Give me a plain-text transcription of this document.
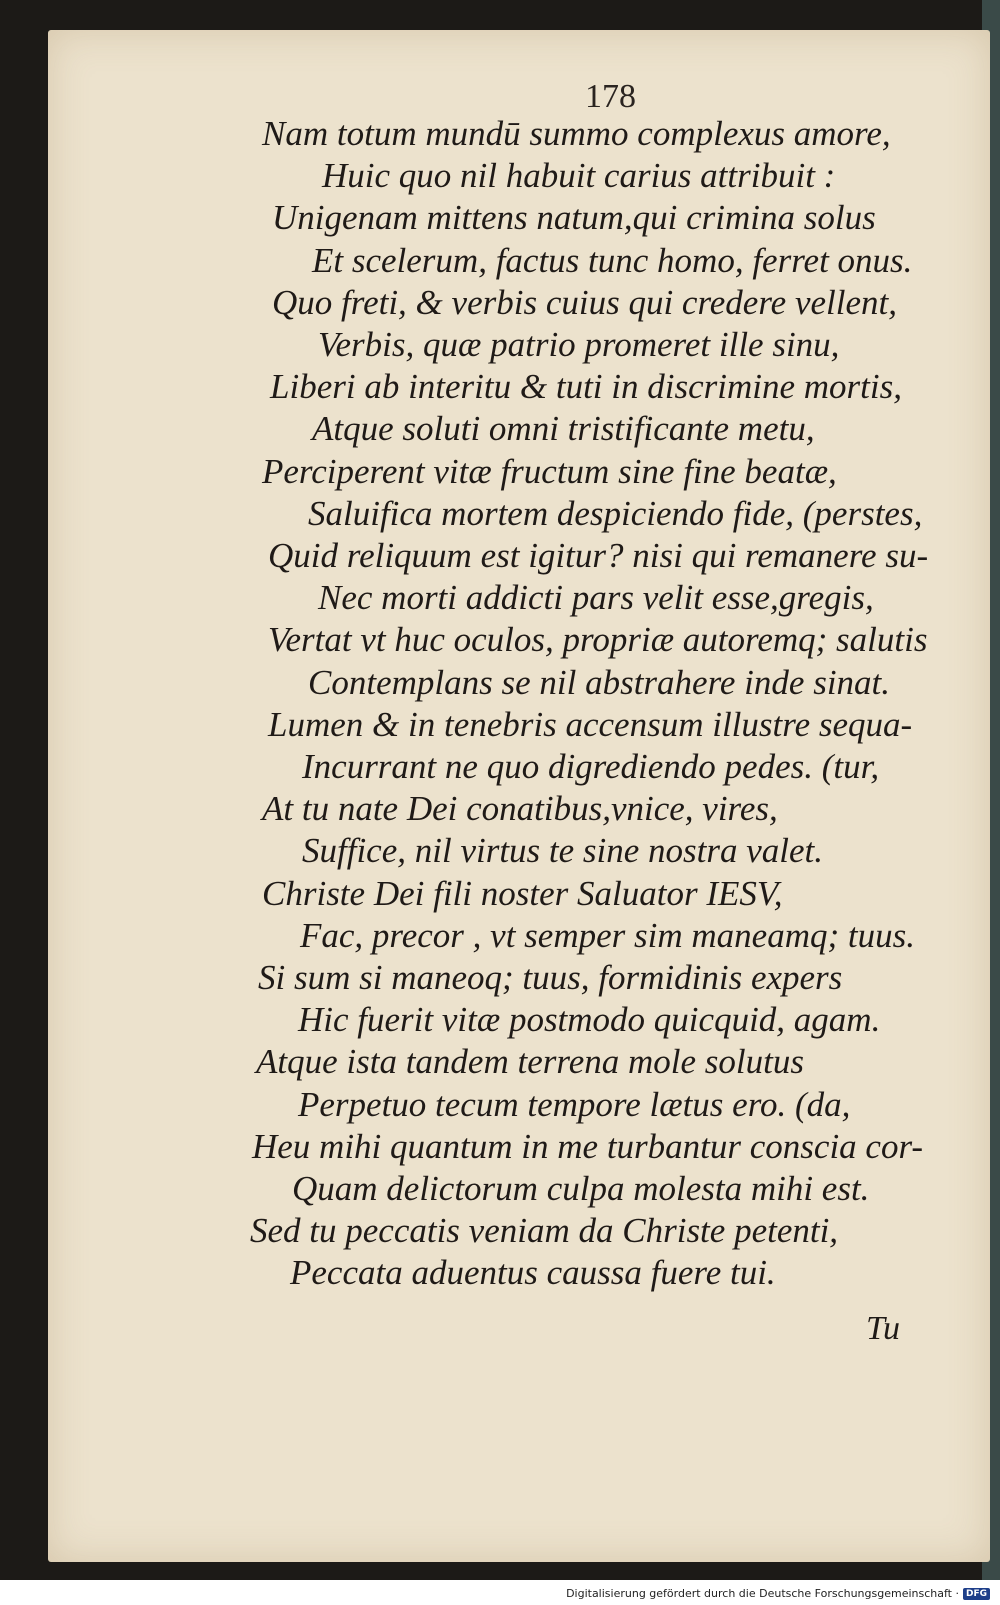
178
Nam totum mundū summo complexus amore,
Huic quo nil habuit carius attribuit :
Unigenam mittens natum,qui crimina solus
Et scelerum, factus tunc homo, ferret onus.
Quo freti, & verbis cuius qui credere vellent,
Verbis, quæ patrio promeret ille sinu,
Liberi ab interitu & tuti in discrimine mortis,
Atque soluti omni tristificante metu,
Perciperent vitæ fructum sine fine beatæ,
Saluifica mortem despiciendo fide, (perstes,
Quid reliquum est igitur? nisi qui remanere su-
Nec morti addicti pars velit esse,gregis,
Vertat vt huc oculos, propriæ autoremq; salutis
Contemplans se nil abstrahere inde sinat.
Lumen & in tenebris accensum illustre sequa-
Incurrant ne quo digrediendo pedes. (tur,
At tu nate Dei conatibus,vnice, vires,
Suffice, nil virtus te sine nostra valet.
Christe Dei fili noster Saluator IESV,
Fac, precor , vt semper sim maneamq; tuus.
Si sum si maneoq; tuus, formidinis expers
Hic fuerit vitæ postmodo quicquid, agam.
Atque ista tandem terrena mole solutus
Perpetuo tecum tempore lætus ero. (da,
Heu mihi quantum in me turbantur conscia cor-
Quam delictorum culpa molesta mihi est.
Sed tu peccatis veniam da Christe petenti,
Peccata aduentus caussa fuere tui.
Tu
Digitalisierung gefördert durch die Deutsche Forschungsgemeinschaft · DFG
